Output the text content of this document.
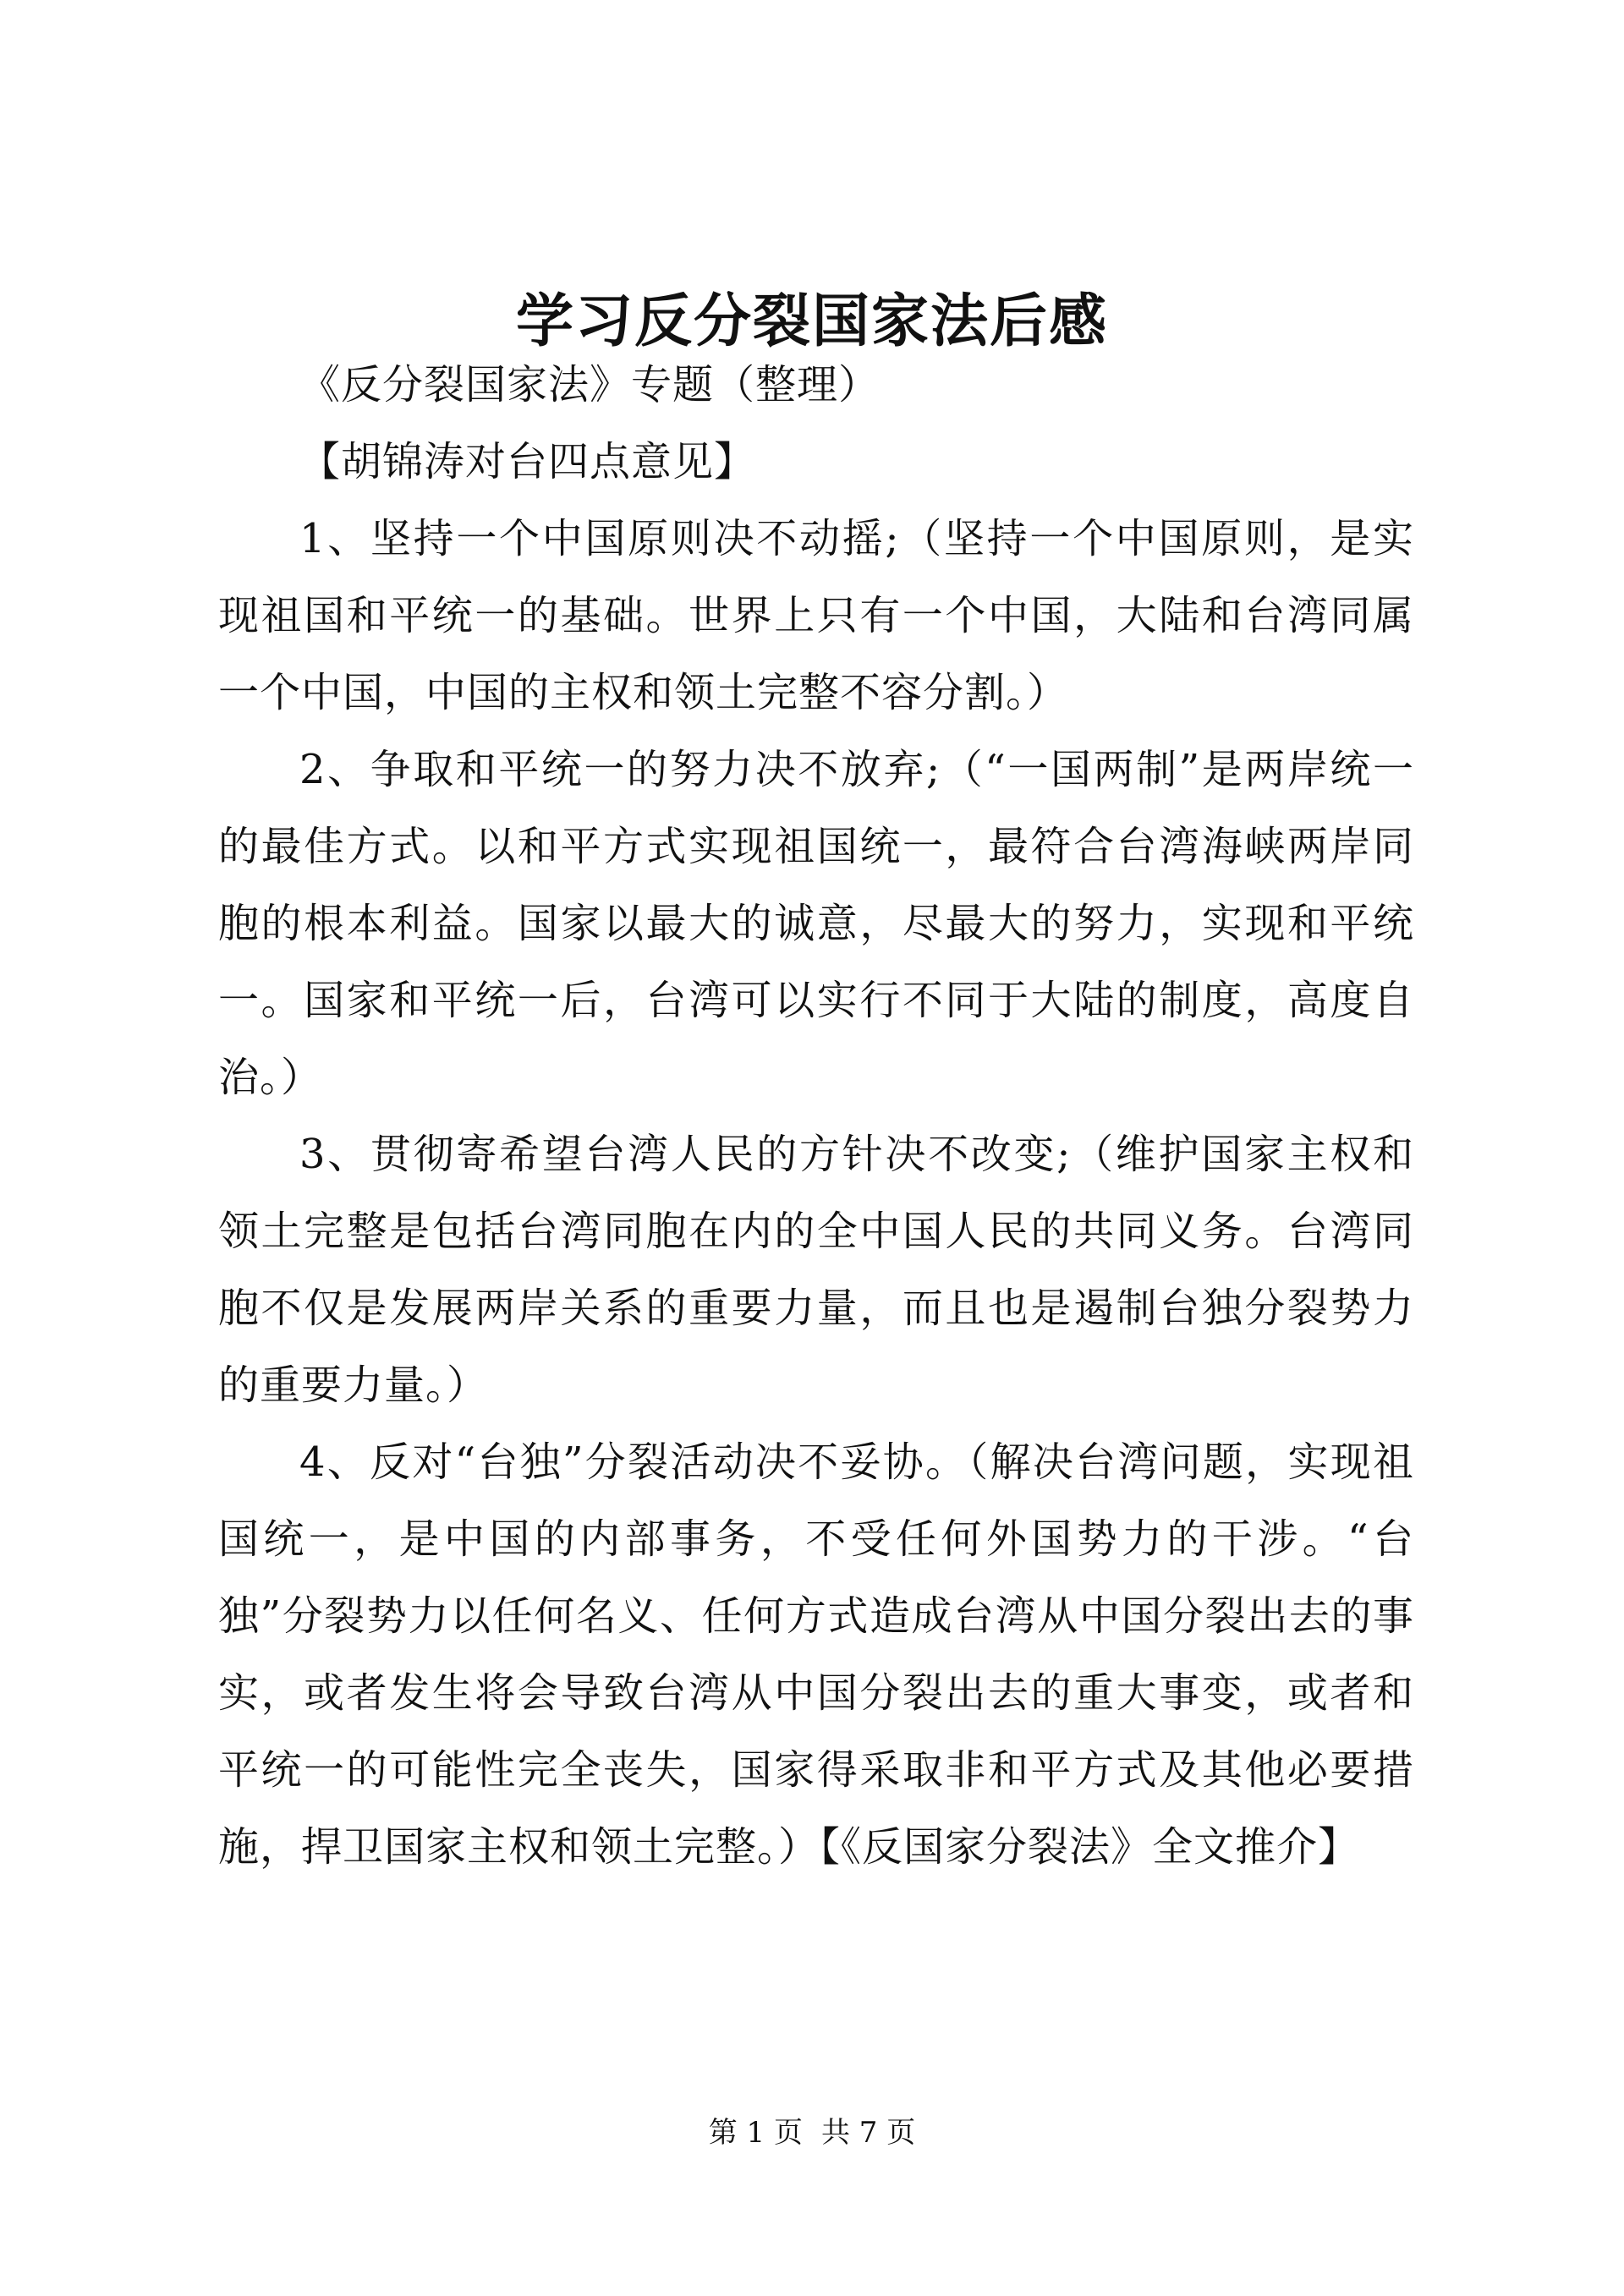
学习反分裂国家法后感

《反分裂国家法》专题（整理）

【胡锦涛对台四点意见】

1、坚持一个中国原则决不动摇;（坚持一个中国原则，是实现祖国和平统一的基础。世界上只有一个中国，大陆和台湾同属一个中国，中国的主权和领土完整不容分割。）

2、争取和平统一的努力决不放弃;（“一国两制”是两岸统一的最佳方式。以和平方式实现祖国统一，最符合台湾海峡两岸同胞的根本利益。国家以最大的诚意，尽最大的努力，实现和平统一。国家和平统一后，台湾可以实行不同于大陆的制度，高度自治。）

3、贯彻寄希望台湾人民的方针决不改变;（维护国家主权和领土完整是包括台湾同胞在内的全中国人民的共同义务。台湾同胞不仅是发展两岸关系的重要力量，而且也是遏制台独分裂势力的重要力量。）

4、反对“台独”分裂活动决不妥协。（解决台湾问题，实现祖国统一，是中国的内部事务，不受任何外国势力的干涉。“台独”分裂势力以任何名义、任何方式造成台湾从中国分裂出去的事实，或者发生将会导致台湾从中国分裂出去的重大事变，或者和平统一的可能性完全丧失，国家得采取非和平方式及其他必要措施，捍卫国家主权和领土完整。）【《反国家分裂法》全文推介】

第 1 页 共 7 页
